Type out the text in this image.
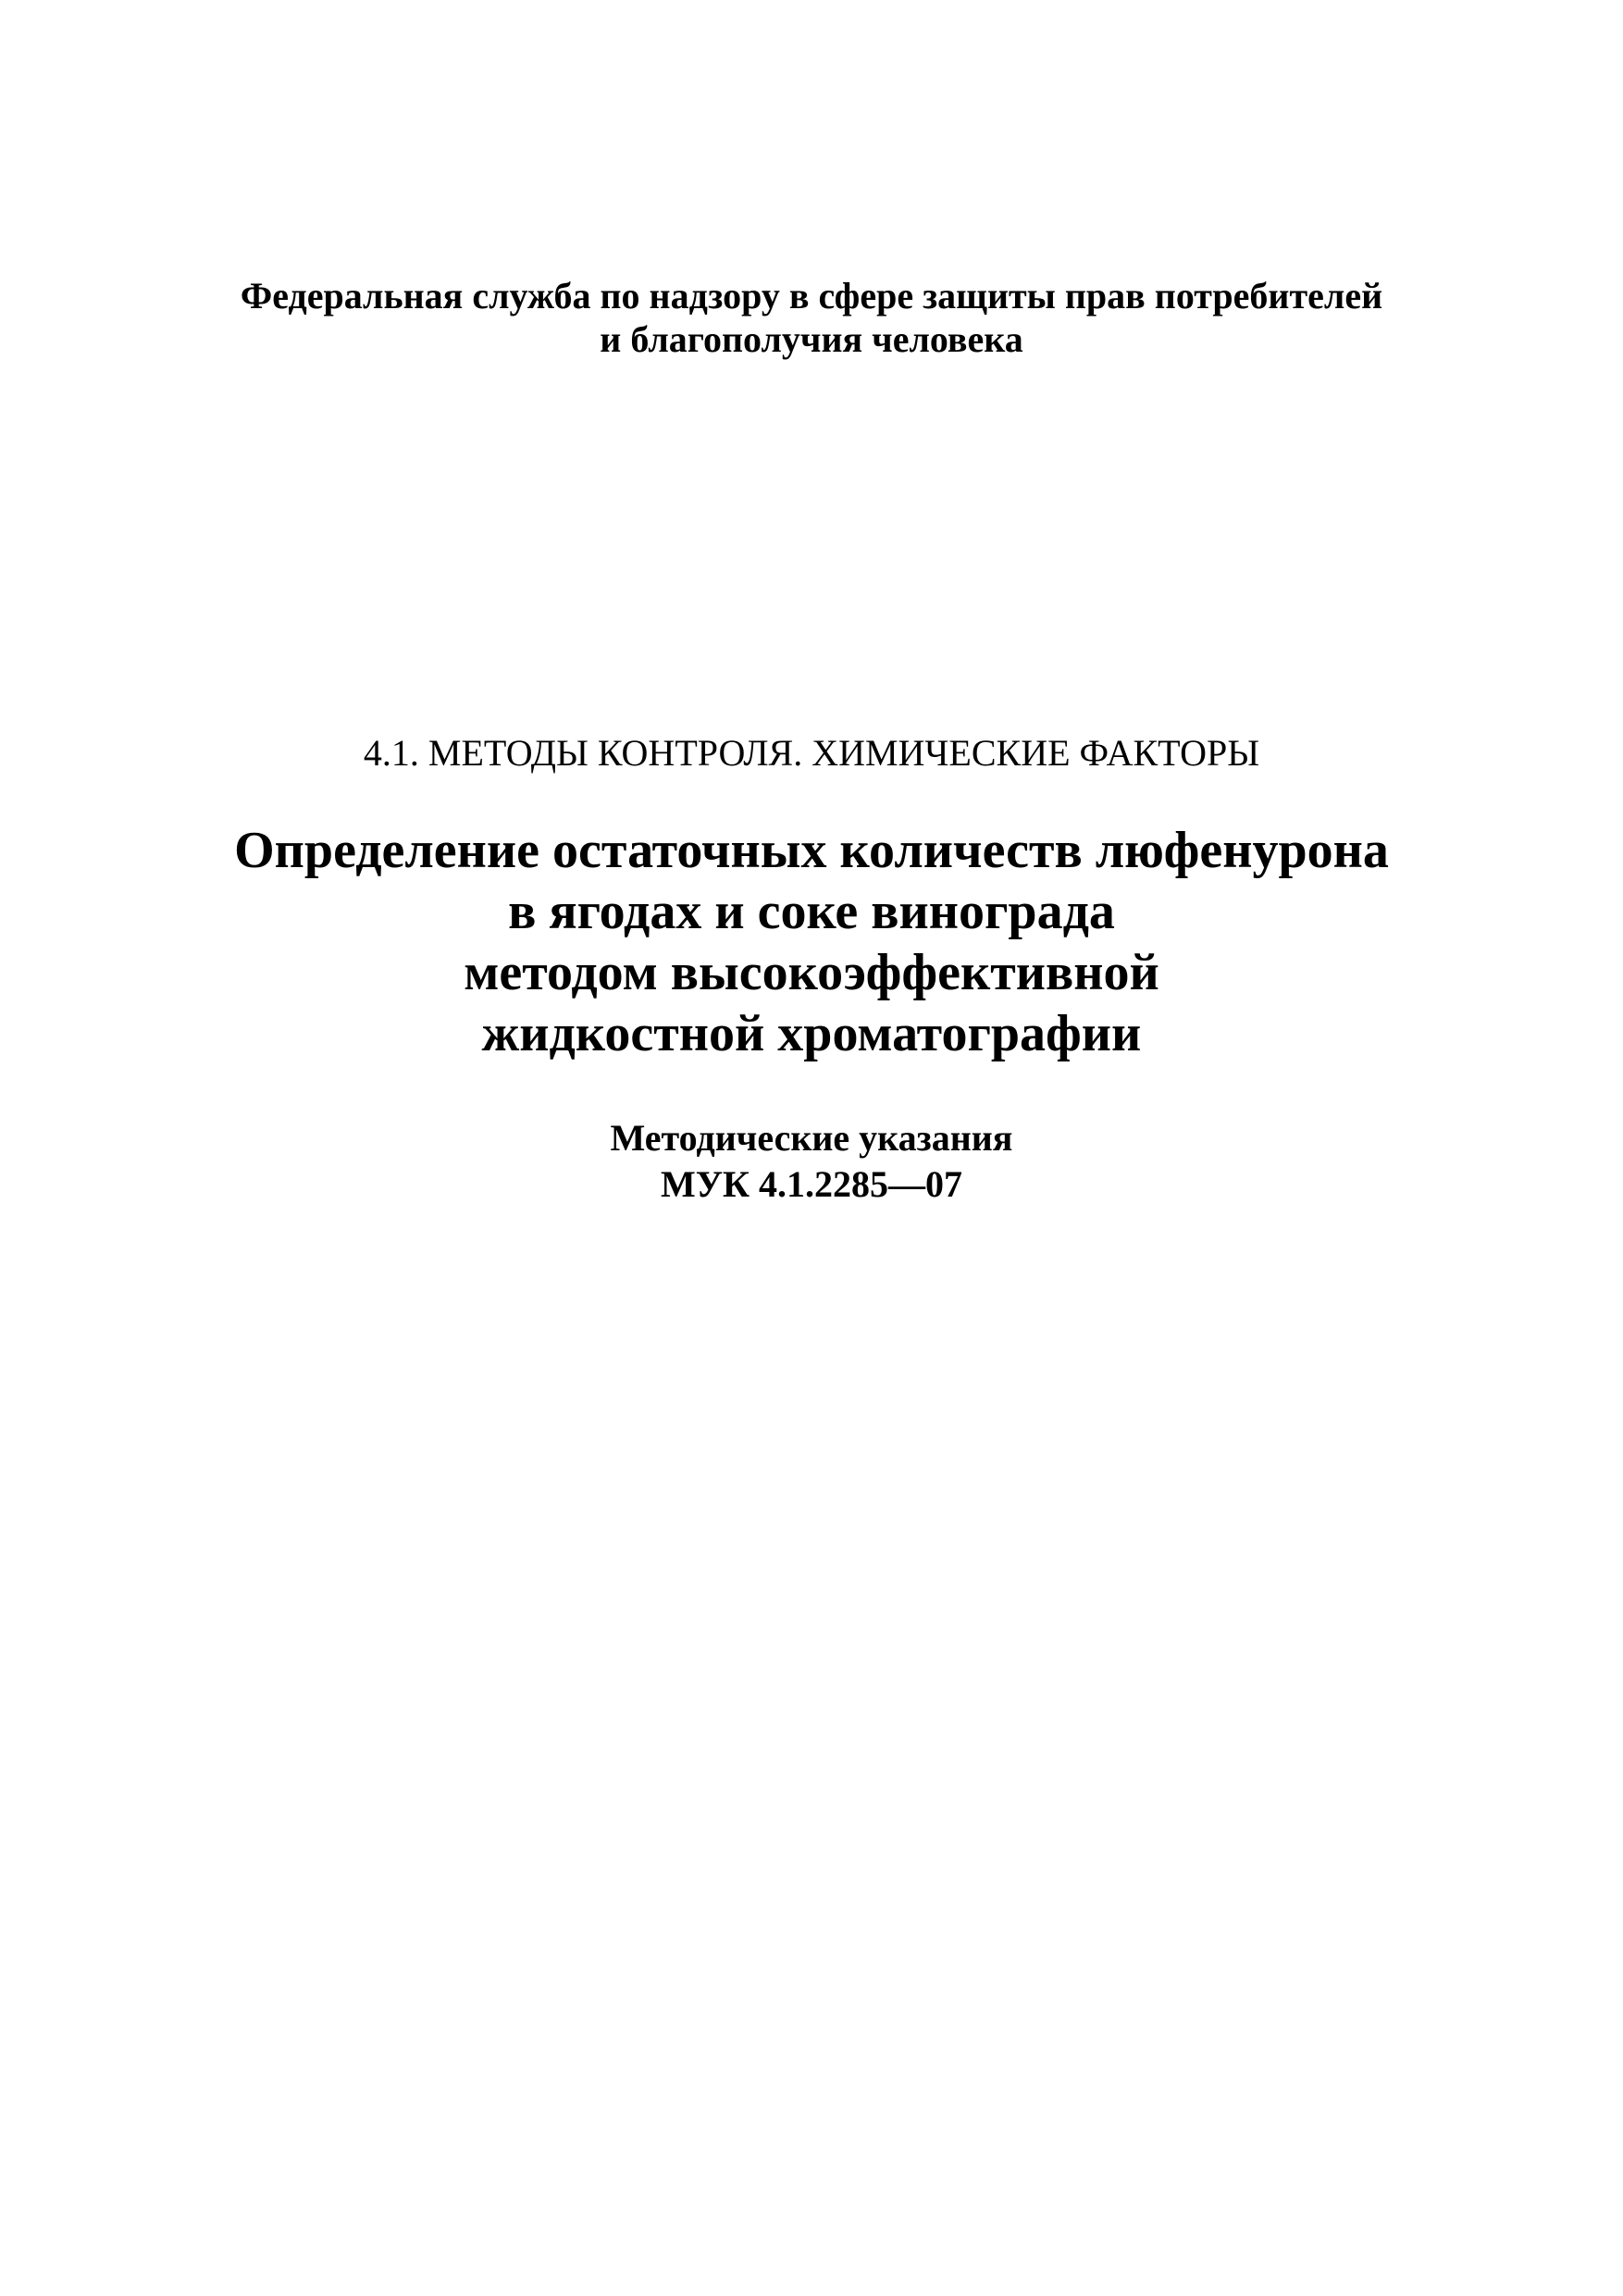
Федеральная служба по надзору в сфере защиты прав потребителей
и благополучия человека
4.1. МЕТОДЫ КОНТРОЛЯ. ХИМИЧЕСКИЕ ФАКТОРЫ
Определение остаточных количеств люфенурона
в ягодах и соке винограда
методом высокоэффективной
жидкостной хроматографии
Методические указания
МУК 4.1.2285—07
